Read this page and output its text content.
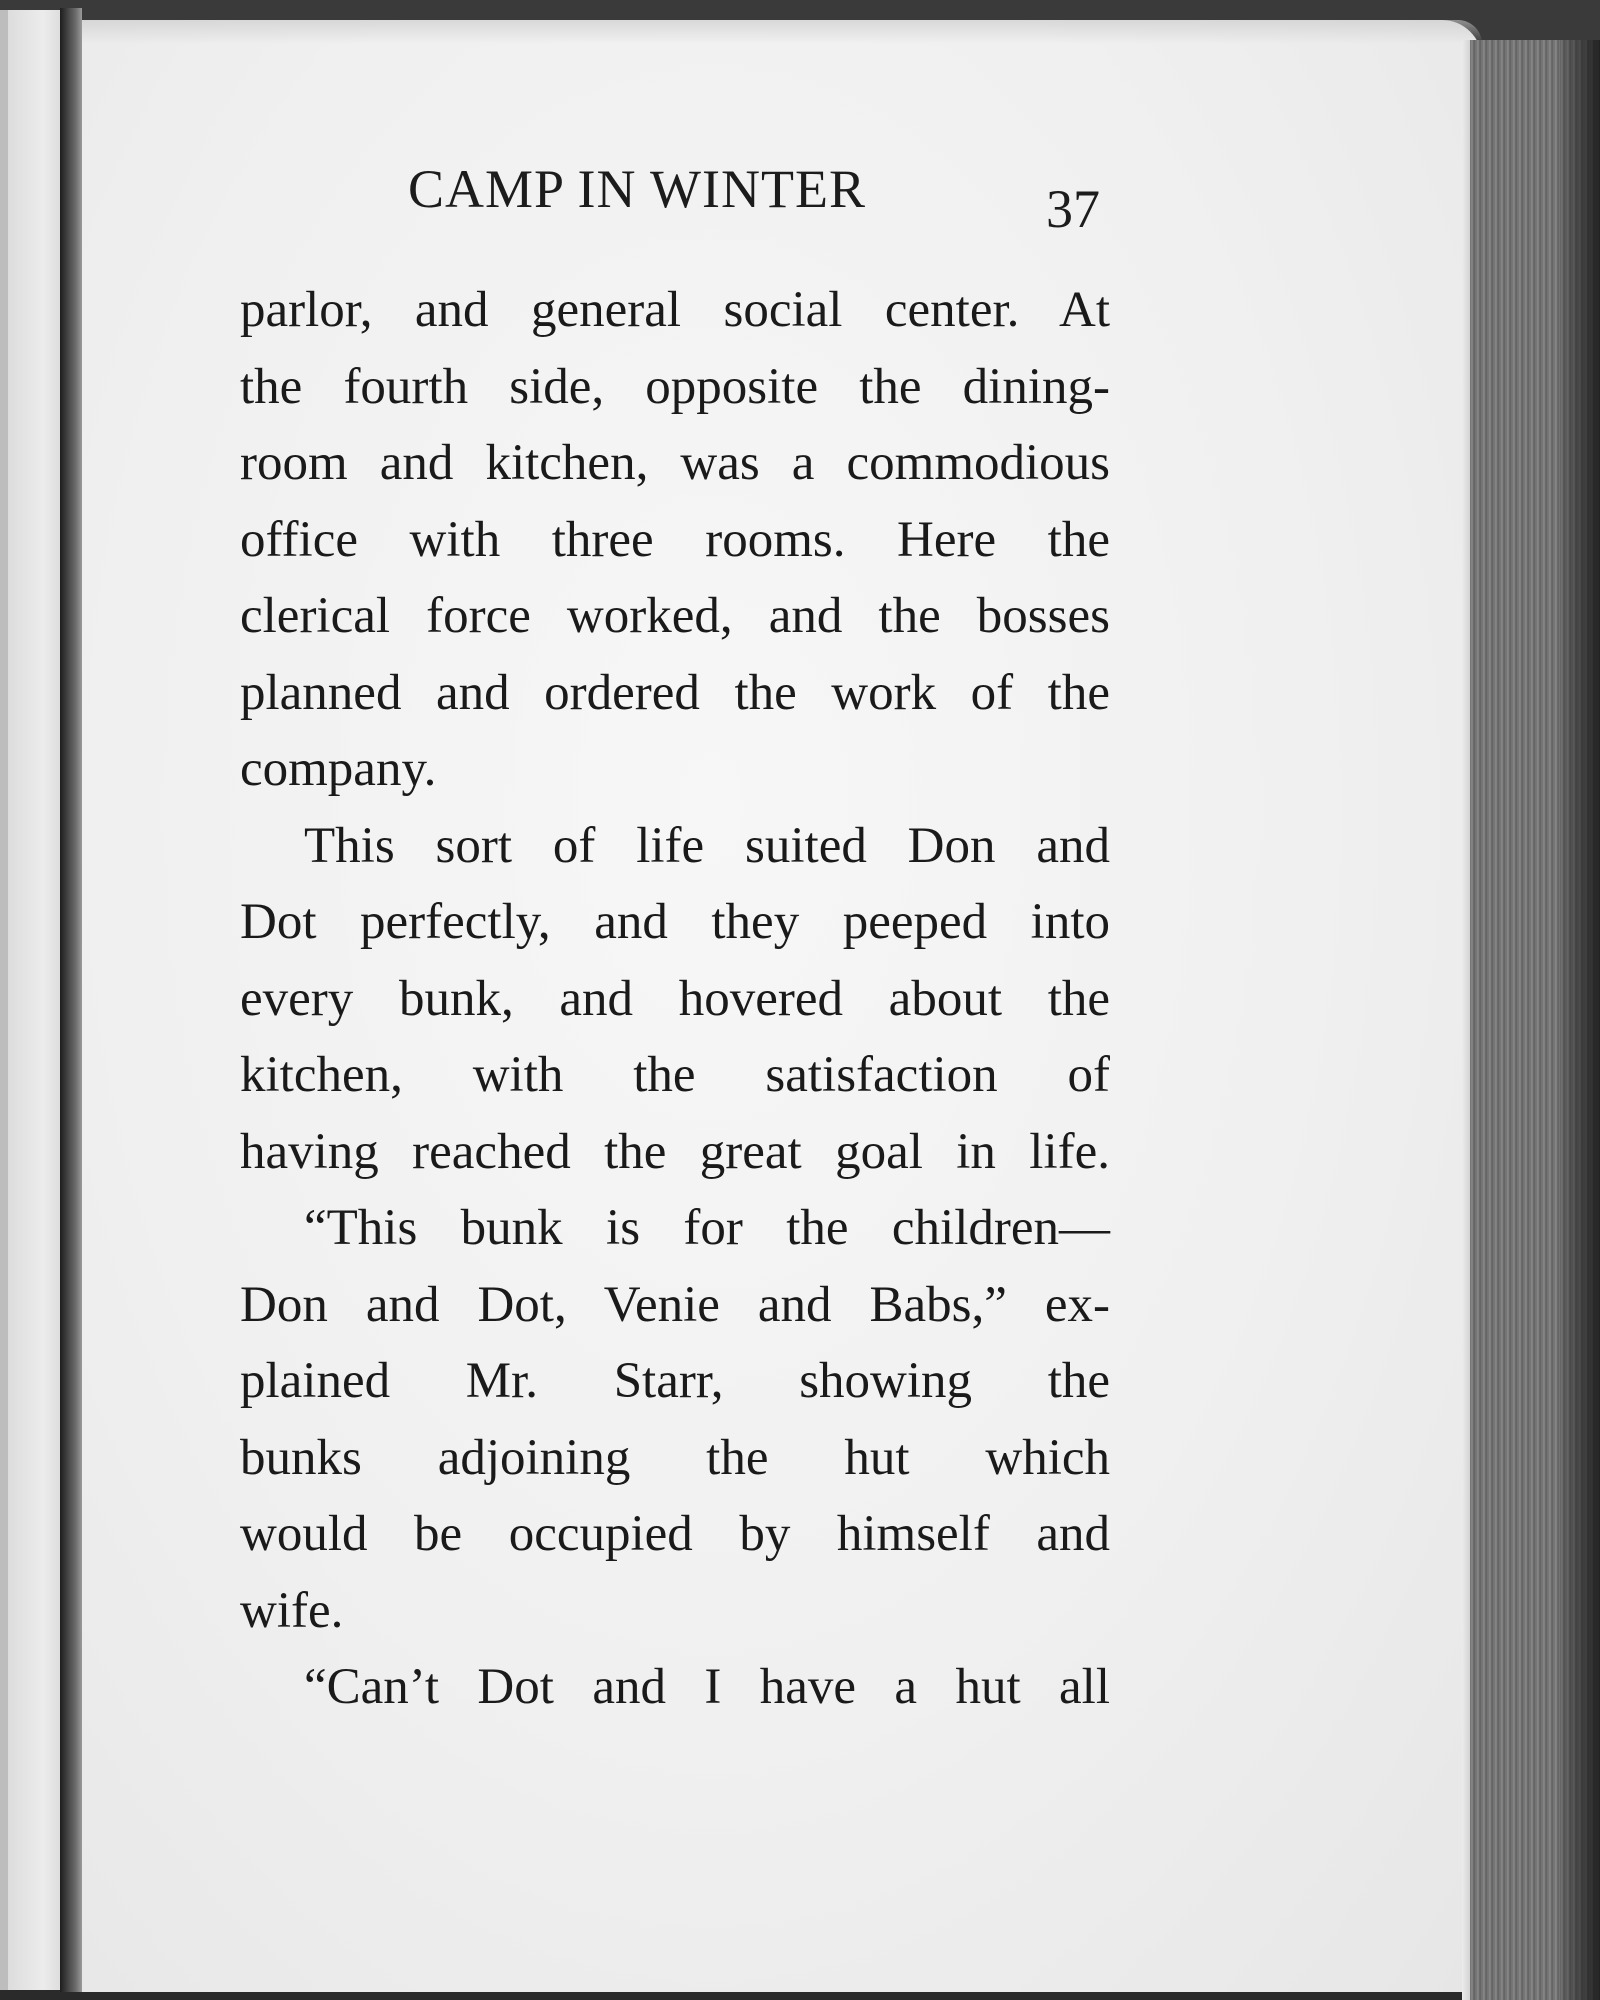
CAMP IN WINTER	37
parlor, and general social center. At
the fourth side, opposite the dining-
room and kitchen, was a commodious
office with three rooms. Here the
clerical force worked, and the bosses
planned and ordered the work of the
company.
This sort of life suited Don and
Dot perfectly, and they peeped into
every bunk, and hovered about the
kitchen, with the satisfaction of
having reached the great goal in life.
“This bunk is for the children—
Don and Dot, Venie and Babs,” ex-
plained Mr. Starr, showing the
bunks adjoining the hut which
would be occupied by himself and
wife.
“Can’t Dot and I have a hut all
